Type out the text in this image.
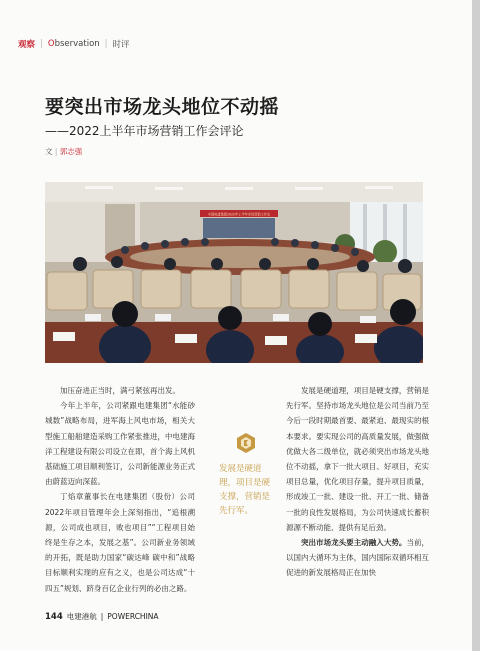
观察 | Observation | 时评
要突出市场龙头地位不动摇
——2022上半年市场营销工作会评论
文 | 郭志强
中国电建集团2022年上半年市场营销工作会

加压奋进正当时，满弓紧弦再出发。

今年上半年，公司紧跟电建集团“水能砂城数”战略布局，进军海上风电市场，相关大型施工船舶建造采购工作紧张推进，中电建海洋工程建设有限公司设立在即，首个海上风机基础施工项目顺利签订，公司新能源业务正式由蔚蓝迈向深蓝。

丁焰章董事长在电建集团（股份）公司2022年项目管理年会上深刻指出，“追根溯源，公司成也项目，败也项目”“工程项目始终是生存之本，发展之基”。公司新业务领域的开拓，既是助力国家“碳达峰 碳中和”战略目标顺利实现的应有之义，也是公司达成“十四五”规划、跻身百亿企业行列的必由之路。

发展是硬道理，项目是硬支撑，营销是先行军。

发展是硬道理，项目是硬支撑，营销是先行军。坚持市场龙头地位是公司当前乃至今后一段时期最首要、最紧迫、最现实的根本要求。要实现公司的高质量发展，做强做优做大各二级单位，就必须突出市场龙头地位不动摇，拿下一批大项目、好项目，充实项目总量，优化项目存量，提升项目质量，形成竣工一批、建设一批、开工一批、储备一批的良性发展格局，为公司快速成长蓄积源源不断动能、提供有足后劲。

突出市场龙头要主动融入大势。当前，以国内大循环为主体，国内国际双循环相互促进的新发展格局正在加快

144 电建港航 | POWERCHINA
